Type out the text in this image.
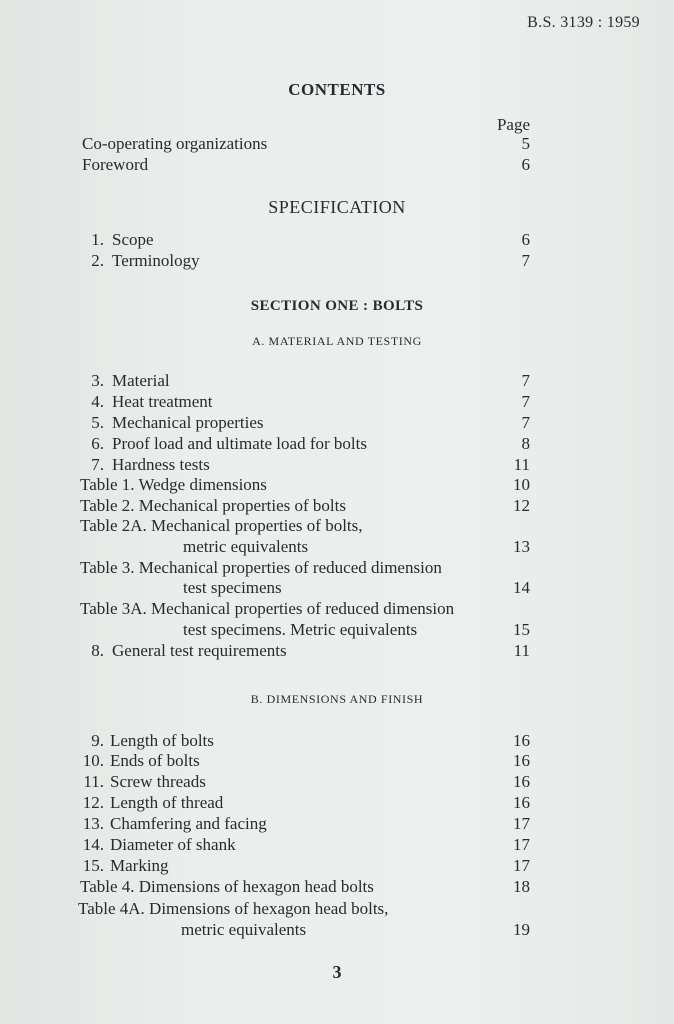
B.S. 3139 : 1959
CONTENTS
Page
Co-operating organizations	5
Foreword	6
SPECIFICATION
1. Scope	6
2. Terminology	7
SECTION ONE : BOLTS
A. MATERIAL AND TESTING
3. Material	7
4. Heat treatment	7
5. Mechanical properties	7
6. Proof load and ultimate load for bolts	8
7. Hardness tests	11
Table 1. Wedge dimensions	10
Table 2. Mechanical properties of bolts	12
Table 2A. Mechanical properties of bolts,
metric equivalents	13
Table 3. Mechanical properties of reduced dimension
test specimens	14
Table 3A. Mechanical properties of reduced dimension
test specimens. Metric equivalents	15
8. General test requirements	11
B. DIMENSIONS AND FINISH
9. Length of bolts	16
10. Ends of bolts	16
11. Screw threads	16
12. Length of thread	16
13. Chamfering and facing	17
14. Diameter of shank	17
15. Marking	17
Table 4. Dimensions of hexagon head bolts	18
Table 4A. Dimensions of hexagon head bolts,
metric equivalents	19
3
